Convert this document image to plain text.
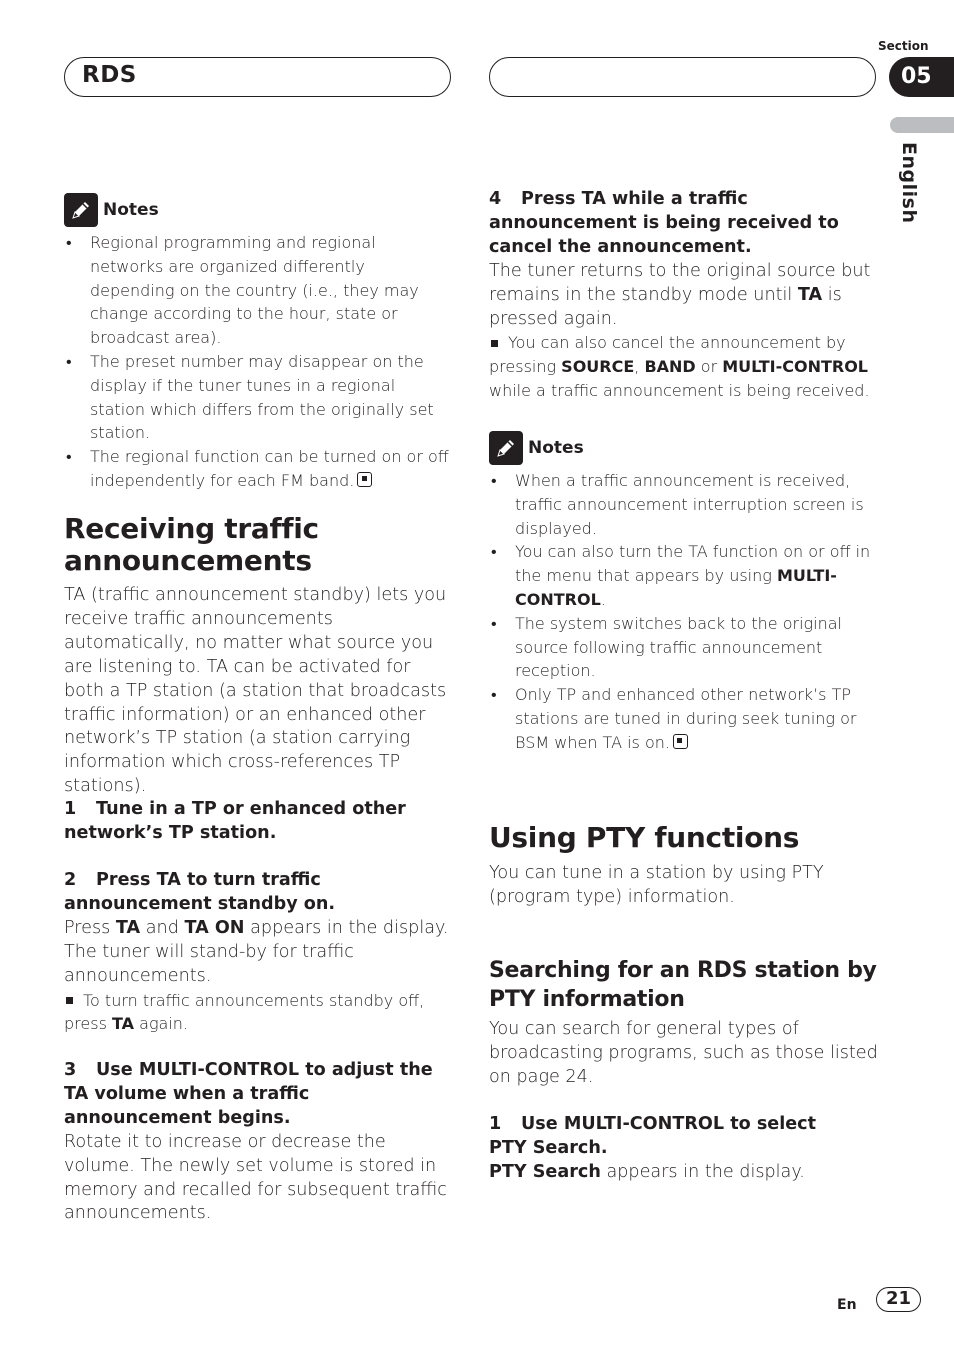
RDS
Section
05
English
Notes
• Regional programming and regional networks are organized differently depending on the country (i.e., they may change according to the hour, state or broadcast area).
• The preset number may disappear on the display if the tuner tunes in a regional station which differs from the originally set station.
• The regional function can be turned on or off independently for each FM band.
Receiving traffic announcements

TA (traffic announcement standby) lets you receive traffic announcements automatically, no matter what source you are listening to. TA can be activated for both a TP station (a station that broadcasts traffic information) or an enhanced other network’s TP station (a station carrying information which cross-references TP stations).

1 Tune in a TP or enhanced other network’s TP station.

2 Press TA to turn traffic announcement standby on.

Press TA and TA ON appears in the display. The tuner will stand-by for traffic announcements.

To turn traffic announcements standby off, press TA again.

3 Use MULTI-CONTROL to adjust the TA volume when a traffic announcement begins.

Rotate it to increase or decrease the volume. The newly set volume is stored in memory and recalled for subsequent traffic announcements.

4 Press TA while a traffic announcement is being received to cancel the announcement.

The tuner returns to the original source but remains in the standby mode until TA is pressed again.

You can also cancel the announcement by pressing SOURCE, BAND or MULTI-CONTROL while a traffic announcement is being received.

Notes
• When a traffic announcement is received, traffic announcement interruption screen is displayed.
• You can also turn the TA function on or off in the menu that appears by using MULTI-CONTROL.
• The system switches back to the original source following traffic announcement reception.
• Only TP and enhanced other network’s TP stations are tuned in during seek tuning or BSM when TA is on.
Using PTY functions

You can tune in a station by using PTY (program type) information.

Searching for an RDS station by PTY information

You can search for general types of broadcasting programs, such as those listed on page 24.

1 Use MULTI-CONTROL to select
PTY Search.

PTY Search appears in the display.

En	21
